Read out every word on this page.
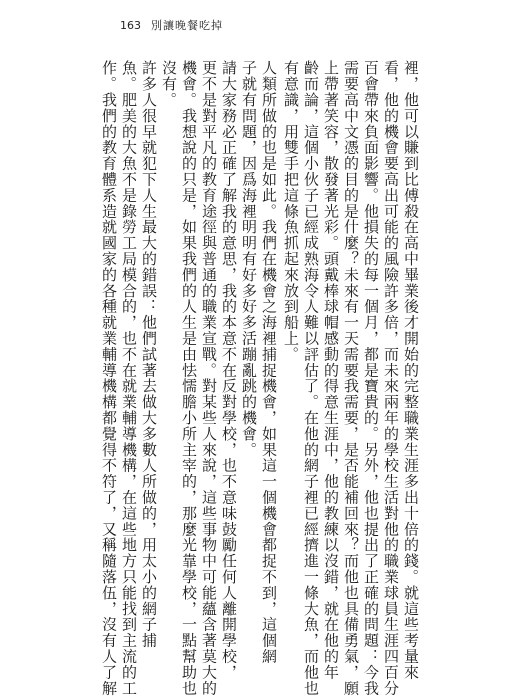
163 別讓晚餐吃掉
裡，他可以賺到比傅殺在高中畢業後才開始的完整職業生涯多出十倍的錢。就這些考量來
看，他的機會要高出可能的風險許多倍，而未來兩年的學校生活對他的職業球員生涯四百分
百會帶來負面影響。他損失的每一個月，都是寶貴的。另外，他也提出了正確的問題：今我
需要高中文憑的目的是什麼？未來有一天需要我需要，是否能補回來？而他也具備勇氣，願
上帶著笑容，散發著光彩。頭戴棒球帽感動的得意生涯中，他的教練以沒錯，就在他的年
齡而論，這個小伙子已經成熟海令人難以評估了。在他的網子裡已經擠進一條大魚，而他也
有意識，用雙手把這條魚抓起來放到船上。
人類所做的也是如此。我們在機會之海裡捕捉機會，如果這一個機會都捉不到，這個網
子就有問題，因爲海裡明明有好多好多活蹦亂跳的機會。
請大家務必正確了解我的意思，我的本意不在反對學校，也不意味鼓勵任何人離開學校，
更不是對平凡的教育途徑與普通的職業宣戰。對某些人來說，這些事物中可能蘊含著莫大的
機會。我想說的只是，如果我們的人生是由怯懦膽小所主宰的，那麼光靠學校，一點幫助也
沒有。
許多人很早就犯下人生最大的錯誤：他們試著去做大多數人所做的，用太小的網子捕
魚。肥美的大魚不是錄勞工局模合的，也不在就業輔導機構，在這些地方只能找到主流的工
作。我們的教育體系造就國家的各種就業輔導機構都覺得不符了，又稱隨落伍，沒有人了解
